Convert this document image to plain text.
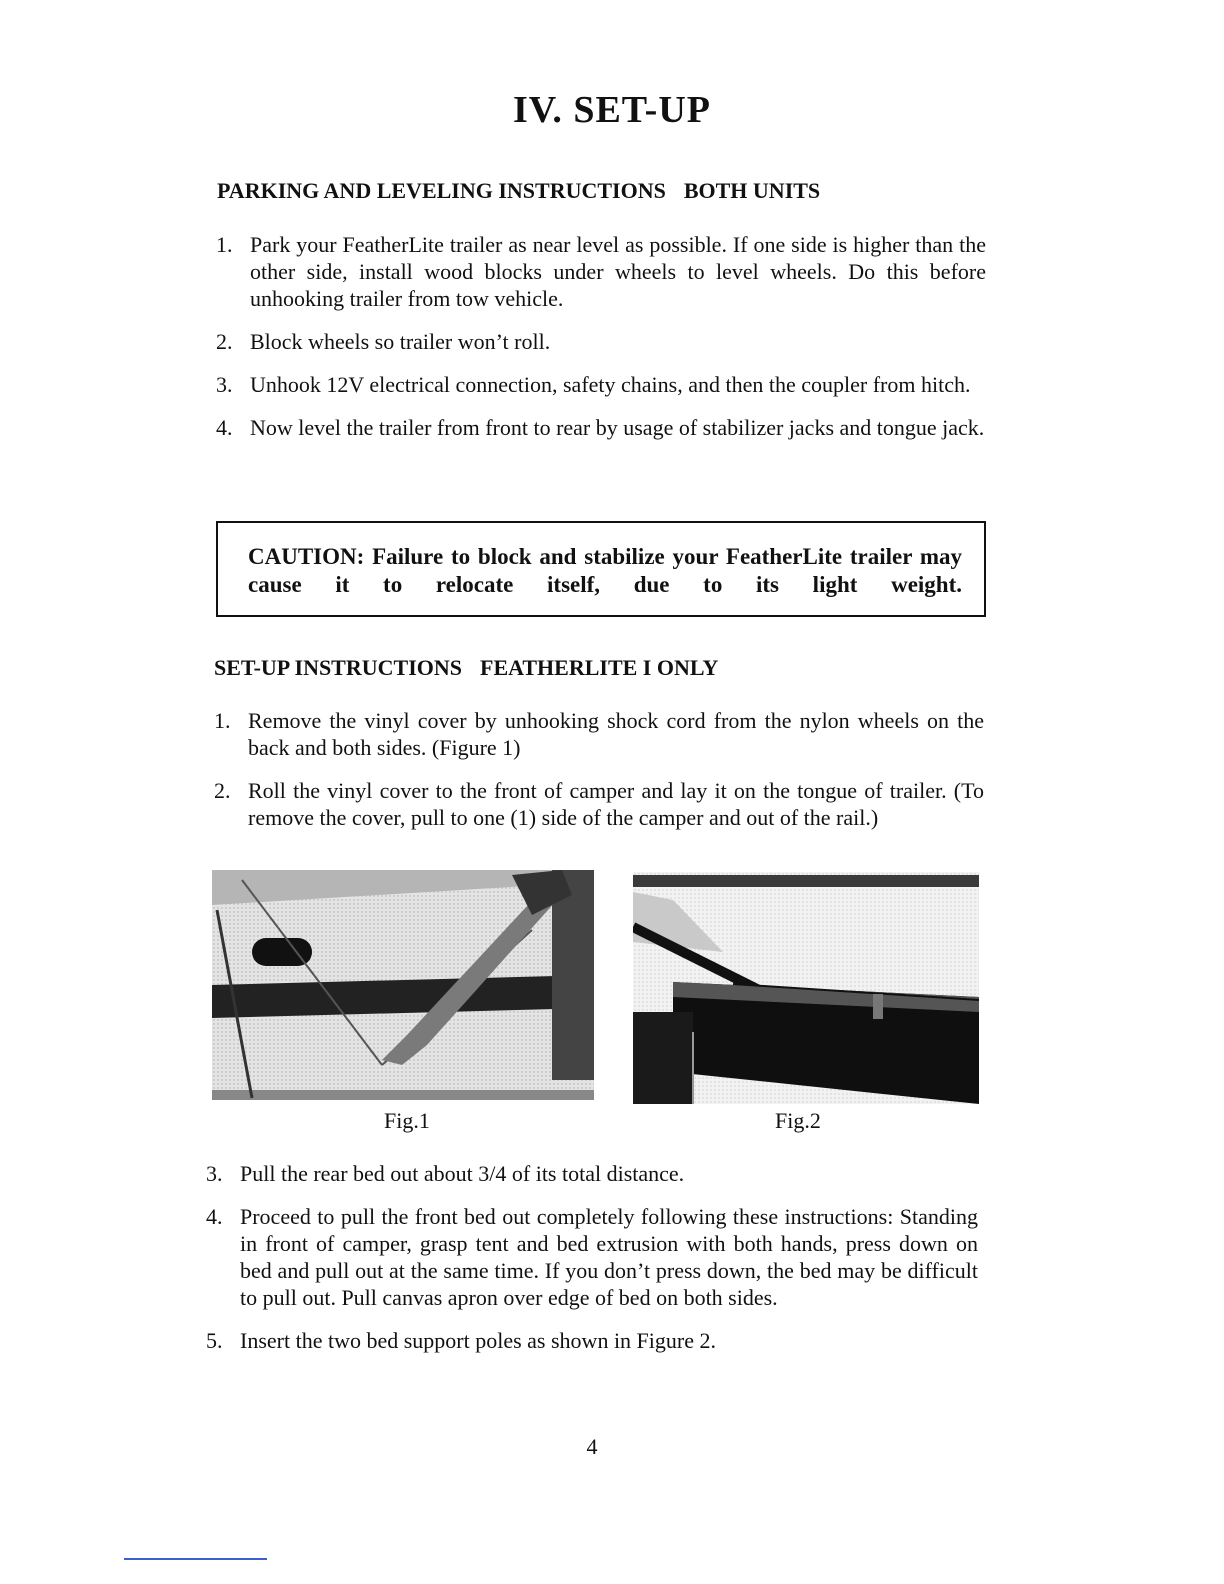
IV. SET-UP
PARKING AND LEVELING INSTRUCTIONS BOTH UNITS
1. Park your FeatherLite trailer as near level as possible. If one side is higher than the other side, install wood blocks under wheels to level wheels. Do this before unhooking trailer from tow vehicle.
2. Block wheels so trailer won’t roll.
3. Unhook 12V electrical connection, safety chains, and then the coupler from hitch.
4. Now level the trailer from front to rear by usage of stabilizer jacks and tongue jack.

CAUTION: Failure to block and stabilize your FeatherLite trailer may cause it to relocate itself, due to its light weight.

SET-UP INSTRUCTIONS FEATHERLITE I ONLY
1. Remove the vinyl cover by unhooking shock cord from the nylon wheels on the back and both sides. (Figure 1)
2. Roll the vinyl cover to the front of camper and lay it on the tongue of trailer. (To remove the cover, pull to one (1) side of the camper and out of the rail.)
Fig.1	Fig.2
3. Pull the rear bed out about 3/4 of its total distance.
4. Proceed to pull the front bed out completely following these instructions: Standing in front of camper, grasp tent and bed extrusion with both hands, press down on bed and pull out at the same time. If you don’t press down, the bed may be difficult to pull out. Pull canvas apron over edge of bed on both sides.
5. Insert the two bed support poles as shown in Figure 2.
4
